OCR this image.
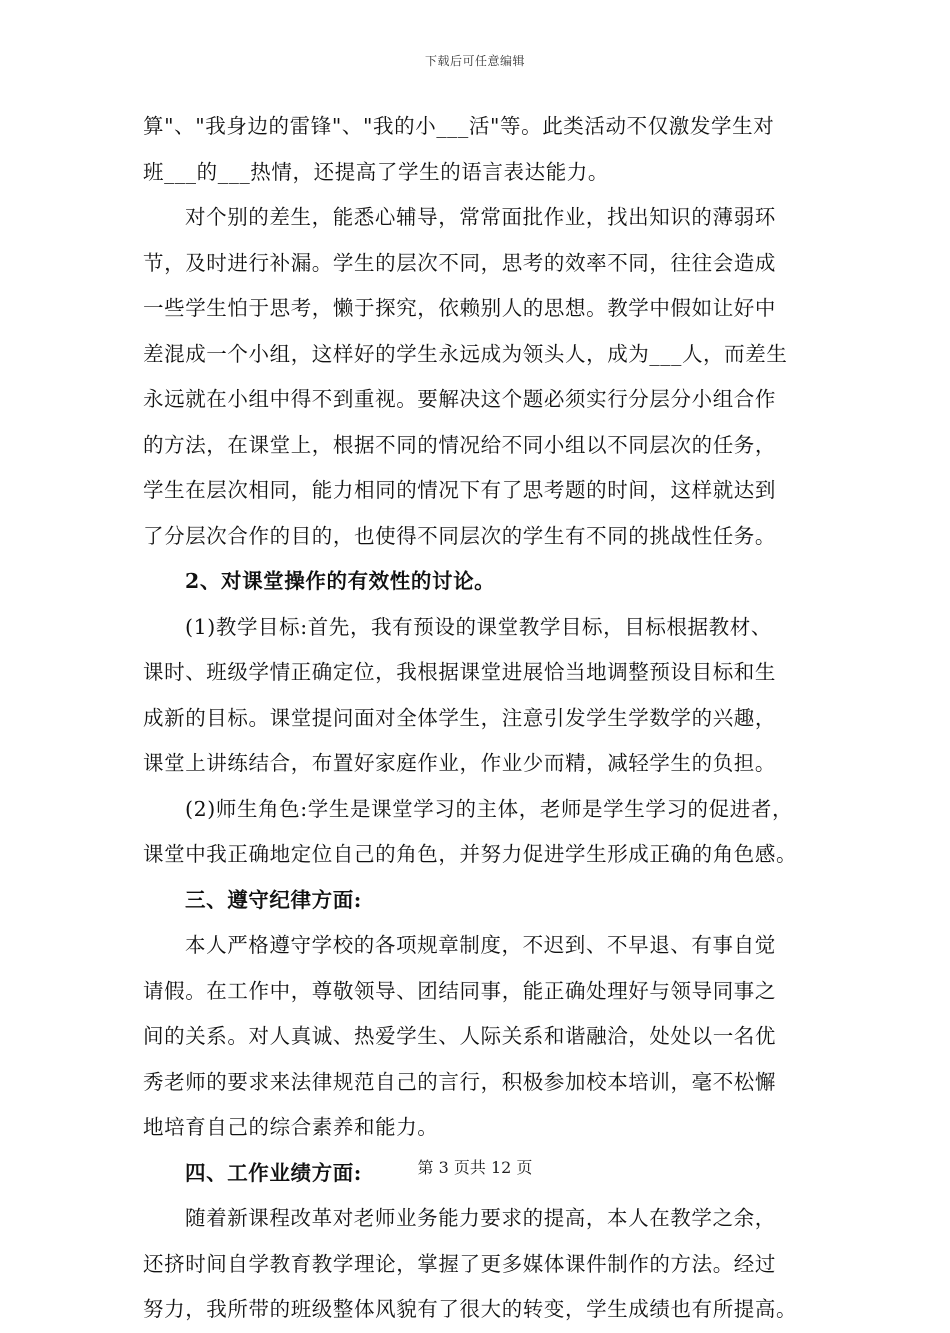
下载后可任意编辑
算"、"我身边的雷锋"、"我的小___活"等。此类活动不仅激发学生对
班___的___热情，还提高了学生的语言表达能力。
对个别的差生，能悉心辅导，常常面批作业，找出知识的薄弱环
节，及时进行补漏。学生的层次不同，思考的效率不同，往往会造成
一些学生怕于思考，懒于探究，依赖别人的思想。教学中假如让好中
差混成一个小组，这样好的学生永远成为领头人，成为___人，而差生
永远就在小组中得不到重视。要解决这个题必须实行分层分小组合作
的方法，在课堂上，根据不同的情况给不同小组以不同层次的任务，
学生在层次相同，能力相同的情况下有了思考题的时间，这样就达到
了分层次合作的目的，也使得不同层次的学生有不同的挑战性任务。
2、对课堂操作的有效性的讨论。
(1)教学目标:首先，我有预设的课堂教学目标，目标根据教材、
课时、班级学情正确定位，我根据课堂进展恰当地调整预设目标和生
成新的目标。课堂提问面对全体学生，注意引发学生学数学的兴趣，
课堂上讲练结合，布置好家庭作业，作业少而精，减轻学生的负担。
(2)师生角色:学生是课堂学习的主体，老师是学生学习的促进者，
课堂中我正确地定位自己的角色，并努力促进学生形成正确的角色感。
三、遵守纪律方面:
本人严格遵守学校的各项规章制度，不迟到、不早退、有事自觉
请假。在工作中，尊敬领导、团结同事，能正确处理好与领导同事之
间的关系。对人真诚、热爱学生、人际关系和谐融洽，处处以一名优
秀老师的要求来法律规范自己的言行，积极参加校本培训，毫不松懈
地培育自己的综合素养和能力。
四、工作业绩方面:
随着新课程改革对老师业务能力要求的提高，本人在教学之余，
还挤时间自学教育教学理论，掌握了更多媒体课件制作的方法。经过
努力，我所带的班级整体风貌有了很大的转变，学生成绩也有所提高。
第 3 页共 12 页
